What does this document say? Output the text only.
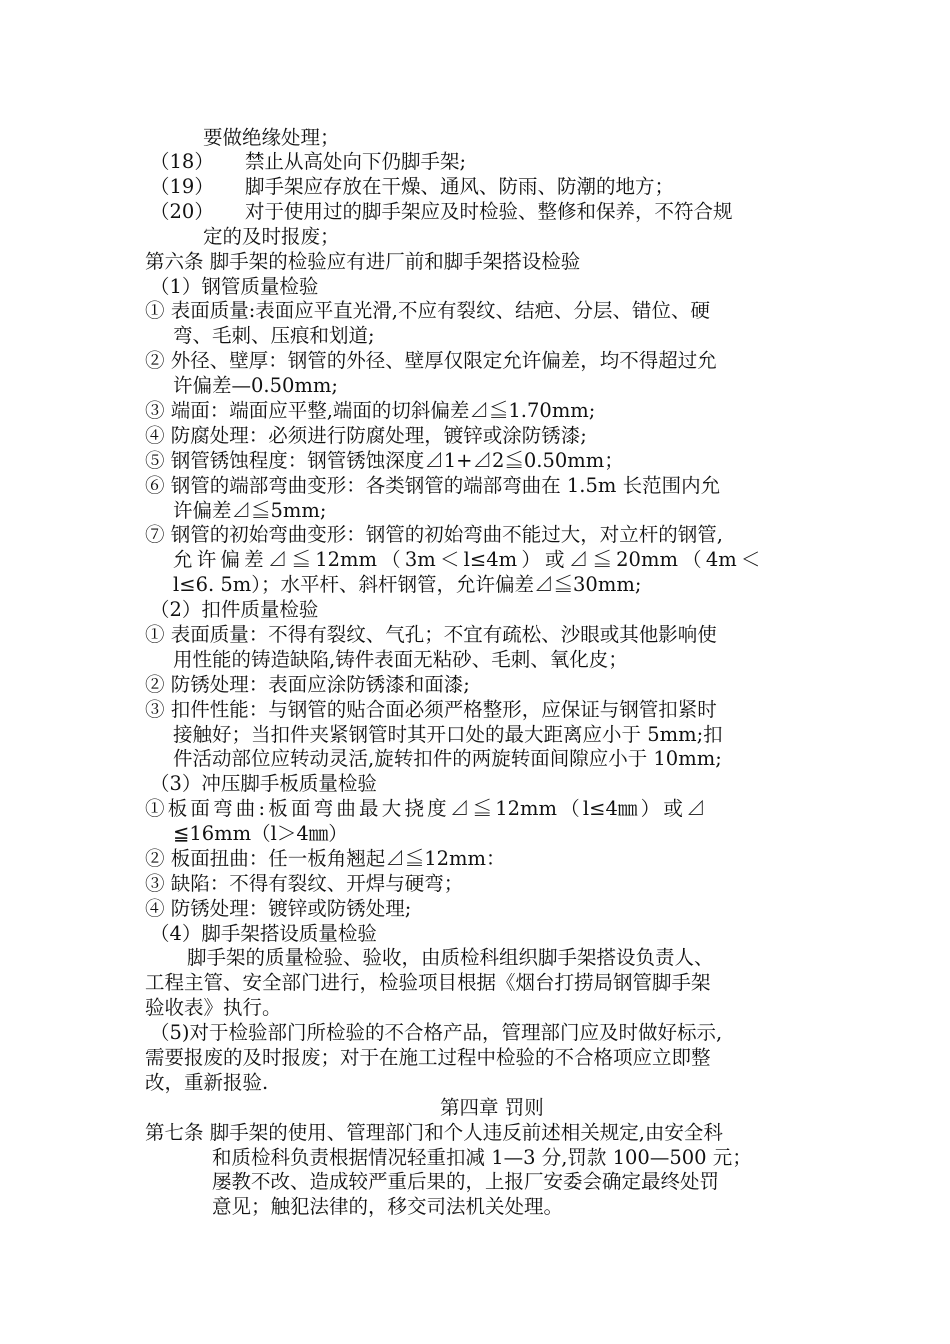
要做绝缘处理；
（18） 禁止从高处向下仍脚手架;
（19） 脚手架应存放在干燥、通风、防雨、防潮的地方；
（20） 对于使用过的脚手架应及时检验、整修和保养，不符合规
定的及时报废；
第六条 脚手架的检验应有进厂前和脚手架搭设检验
（1）钢管质量检验
① 表面质量:表面应平直光滑,不应有裂纹、结疤、分层、错位、硬
弯、毛刺、压痕和划道;
② 外径、壁厚：钢管的外径、壁厚仅限定允许偏差，均不得超过允
许偏差—0.50mm;
③ 端面：端面应平整,端面的切斜偏差⊿≦1.70mm;
④ 防腐处理：必须进行防腐处理，镀锌或涂防锈漆;
⑤ 钢管锈蚀程度：钢管锈蚀深度⊿1+⊿2≦0.50mm；
⑥ 钢管的端部弯曲变形：各类钢管的端部弯曲在 1.5m 长范围内允
许偏差⊿≦5mm;
⑦ 钢管的初始弯曲变形：钢管的初始弯曲不能过大，对立杆的钢管,
允 许 偏 差 ⊿ ≦ 12mm （ 3m ＜ l≤4m ） 或 ⊿ ≦ 20mm （ 4m ＜
l≤6. 5m）；水平杆、斜杆钢管，允许偏差⊿≦30mm;
（2）扣件质量检验
① 表面质量：不得有裂纹、气孔；不宜有疏松、沙眼或其他影响使
用性能的铸造缺陷,铸件表面无粘砂、毛刺、氧化皮；
② 防锈处理：表面应涂防锈漆和面漆;
③ 扣件性能：与钢管的贴合面必须严格整形，应保证与钢管扣紧时
接触好；当扣件夹紧钢管时其开口处的最大距离应小于 5mm;扣
件活动部位应转动灵活,旋转扣件的两旋转面间隙应小于 10mm;
（3）冲压脚手板质量检验
① 板 面 弯 曲 : 板 面 弯 曲 最 大 挠 度 ⊿ ≦ 12mm （ l≤4㎜ ） 或 ⊿
≦16mm（l＞4㎜）
② 板面扭曲：任一板角翘起⊿≦12mm：
③ 缺陷：不得有裂纹、开焊与硬弯；
④ 防锈处理：镀锌或防锈处理;
（4）脚手架搭设质量检验
脚手架的质量检验、验收，由质检科组织脚手架搭设负责人、
工程主管、安全部门进行，检验项目根据《烟台打捞局钢管脚手架
验收表》执行。
（5)对于检验部门所检验的不合格产品，管理部门应及时做好标示,
需要报废的及时报废；对于在施工过程中检验的不合格项应立即整
改，重新报验.
第四章 罚则
第七条 脚手架的使用、管理部门和个人违反前述相关规定,由安全科
和质检科负责根据情况轻重扣减 1—3 分,罚款 100—500 元；
屡教不改、造成较严重后果的，上报厂安委会确定最终处罚
意见；触犯法律的，移交司法机关处理。
